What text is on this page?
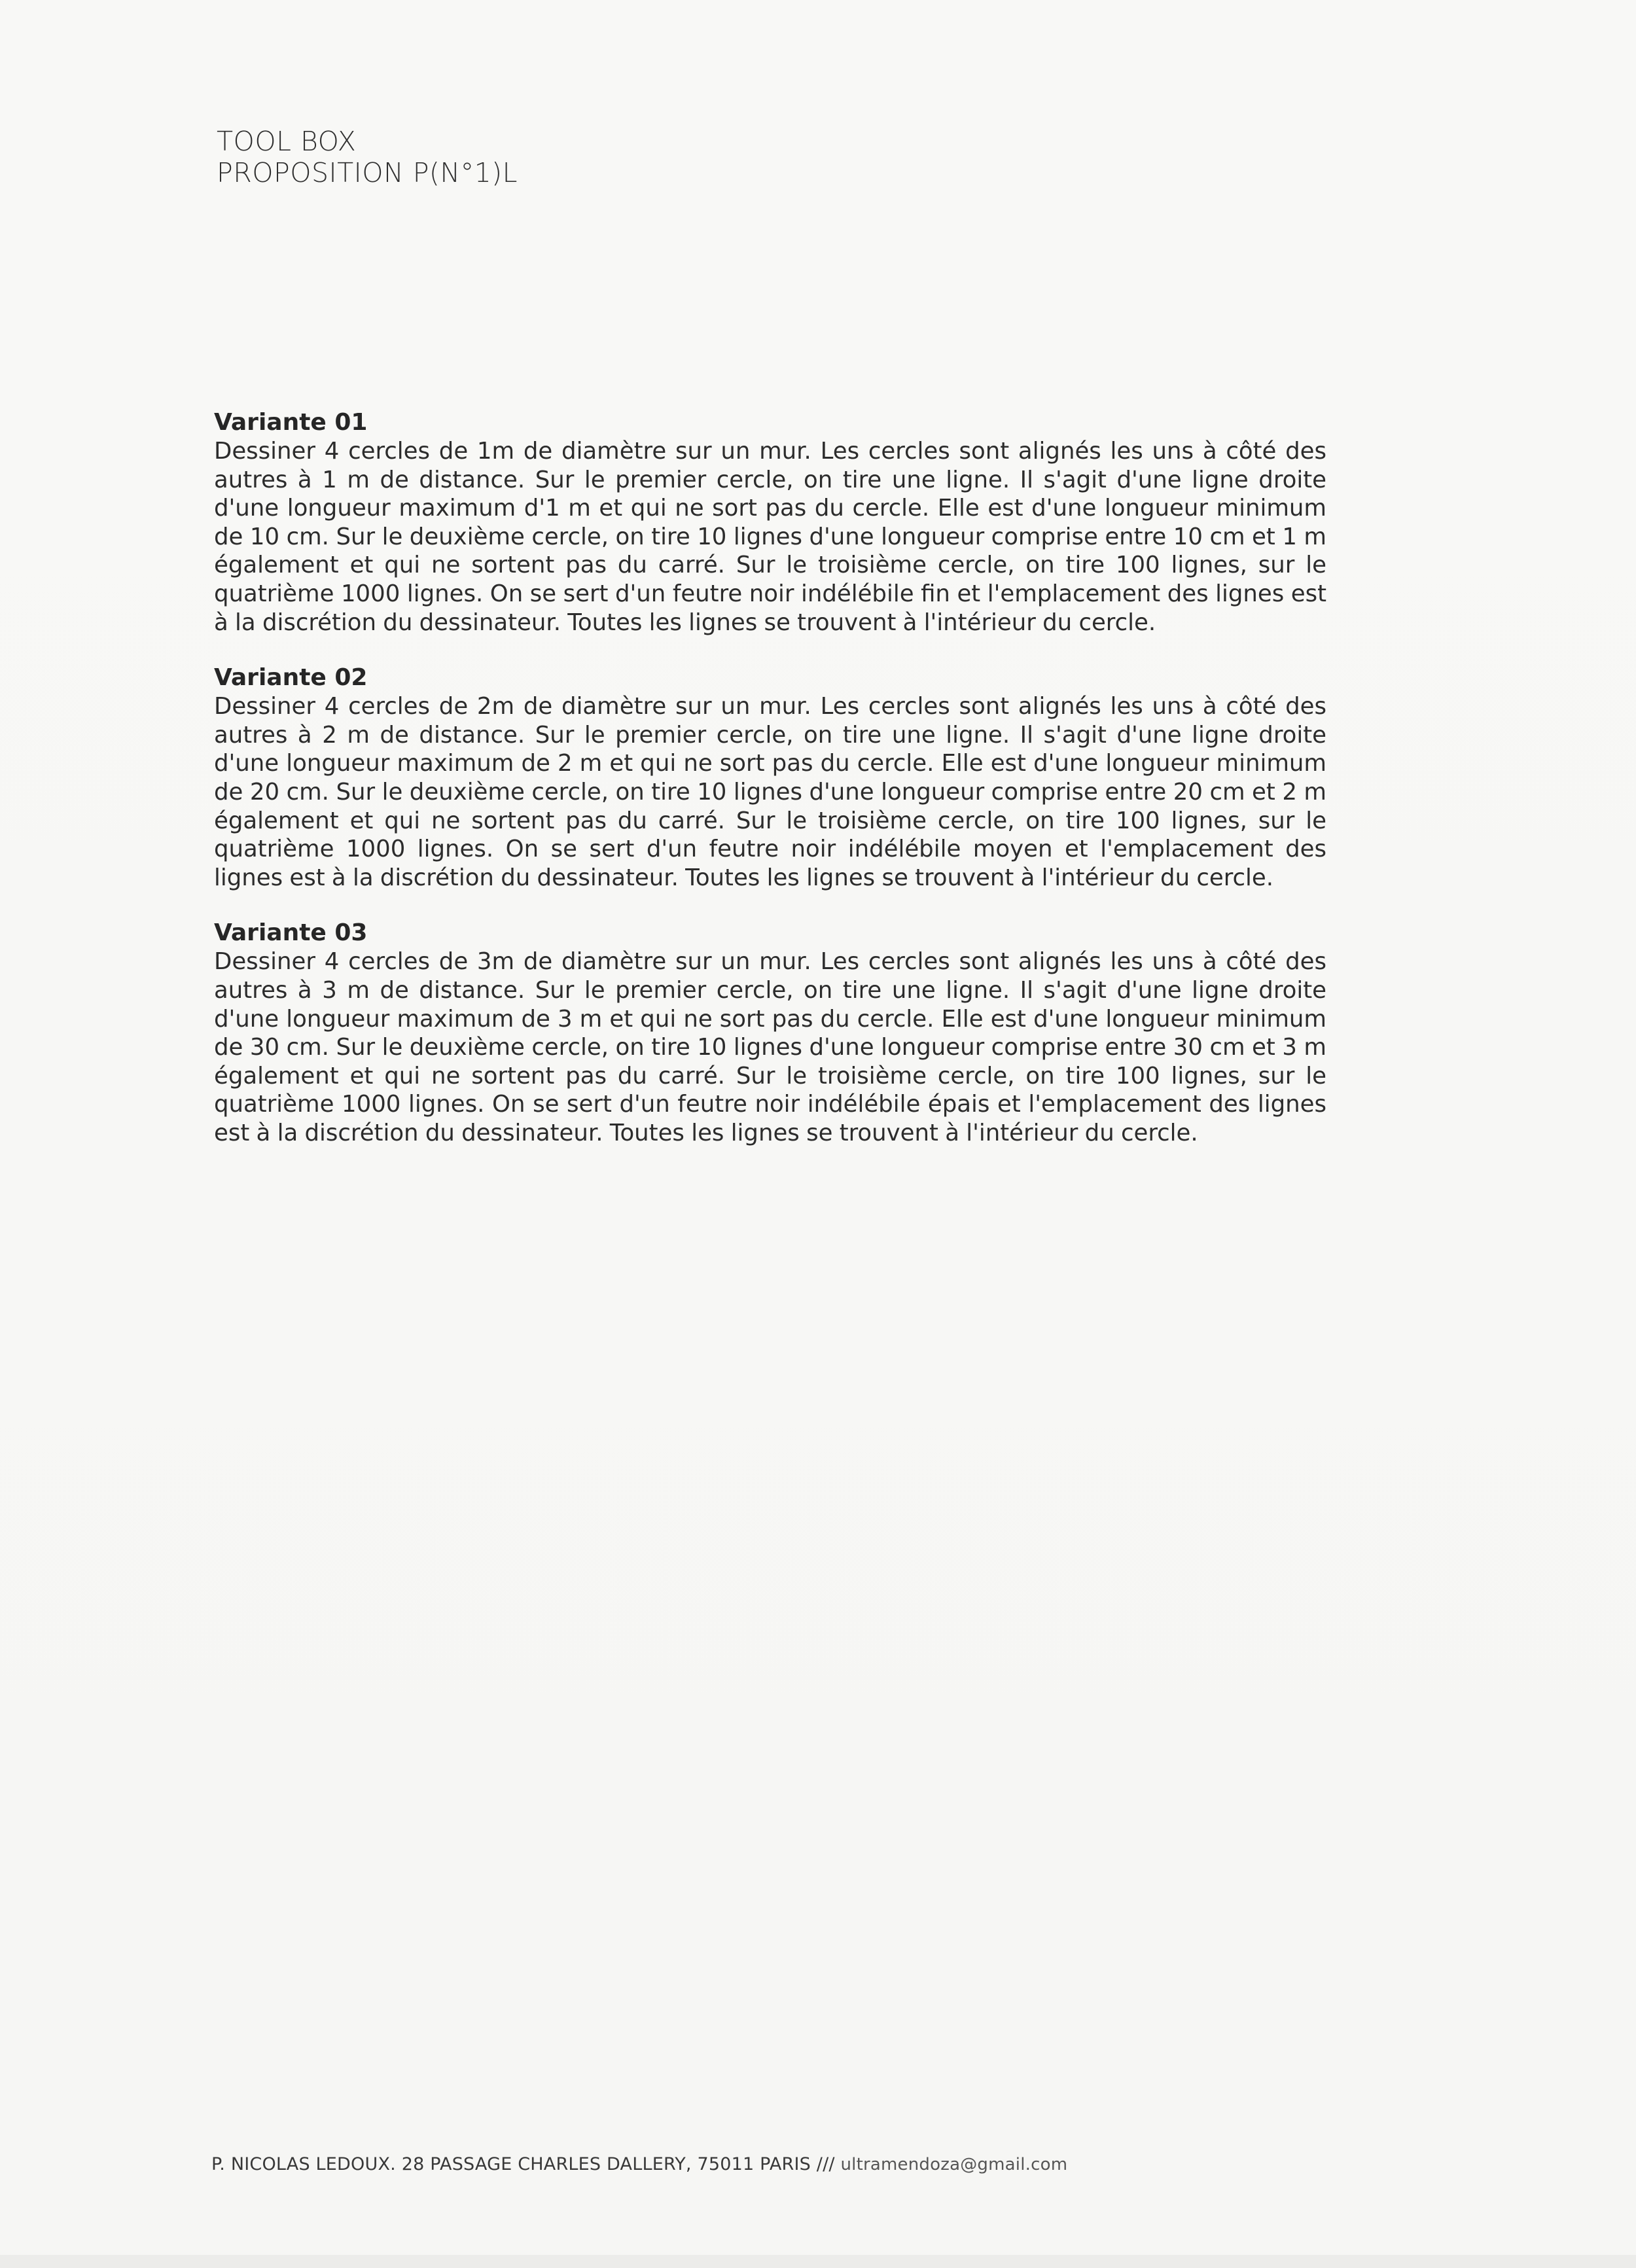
TOOL BOX
PROPOSITION P(N°1)L
Variante 01
Dessiner 4 cercles de 1m de diamètre sur un mur. Les cercles sont alignés les uns à côté des autres à 1 m de distance. Sur le premier cercle, on tire une ligne. Il s'agit d'une ligne droite d'une longueur maximum d'1 m et qui ne sort pas du cercle. Elle est d'une longueur minimum de 10 cm. Sur le deuxième cercle, on tire 10 lignes d'une longueur comprise entre 10 cm et 1 m également et qui ne sortent pas du carré. Sur le troisième cercle, on tire 100 lignes, sur le quatrième 1000 lignes. On se sert d'un feutre noir indélébile fin et l'emplacement des lignes est à la discrétion du dessinateur. Toutes les lignes se trouvent à l'intérieur du cercle.
Variante 02
Dessiner 4 cercles de 2m de diamètre sur un mur. Les cercles sont alignés les uns à côté des autres à 2 m de distance. Sur le premier cercle, on tire une ligne. Il s'agit d'une ligne droite d'une longueur maximum de 2 m et qui ne sort pas du cercle. Elle est d'une longueur minimum de 20 cm. Sur le deuxième cercle, on tire 10 lignes d'une longueur comprise entre 20 cm et 2 m également et qui ne sortent pas du carré. Sur le troisième cercle, on tire 100 lignes, sur le quatrième 1000 lignes. On se sert d'un feutre noir indélébile moyen et l'emplacement des lignes est à la discrétion du dessinateur. Toutes les lignes se trouvent à l'intérieur du cercle.
Variante 03
Dessiner 4 cercles de 3m de diamètre sur un mur. Les cercles sont alignés les uns à côté des autres à 3 m de distance. Sur le premier cercle, on tire une ligne. Il s'agit d'une ligne droite d'une longueur maximum de 3 m et qui ne sort pas du cercle. Elle est d'une longueur minimum de 30 cm. Sur le deuxième cercle, on tire 10 lignes d'une longueur comprise entre 30 cm et 3 m également et qui ne sortent pas du carré. Sur le troisième cercle, on tire 100 lignes, sur le quatrième 1000 lignes. On se sert d'un feutre noir indélébile épais et l'emplacement des lignes est à la discrétion du dessinateur. Toutes les lignes se trouvent à l'intérieur du cercle.
P. NICOLAS LEDOUX. 28 PASSAGE CHARLES DALLERY, 75011 PARIS /// ultramendoza@gmail.com
